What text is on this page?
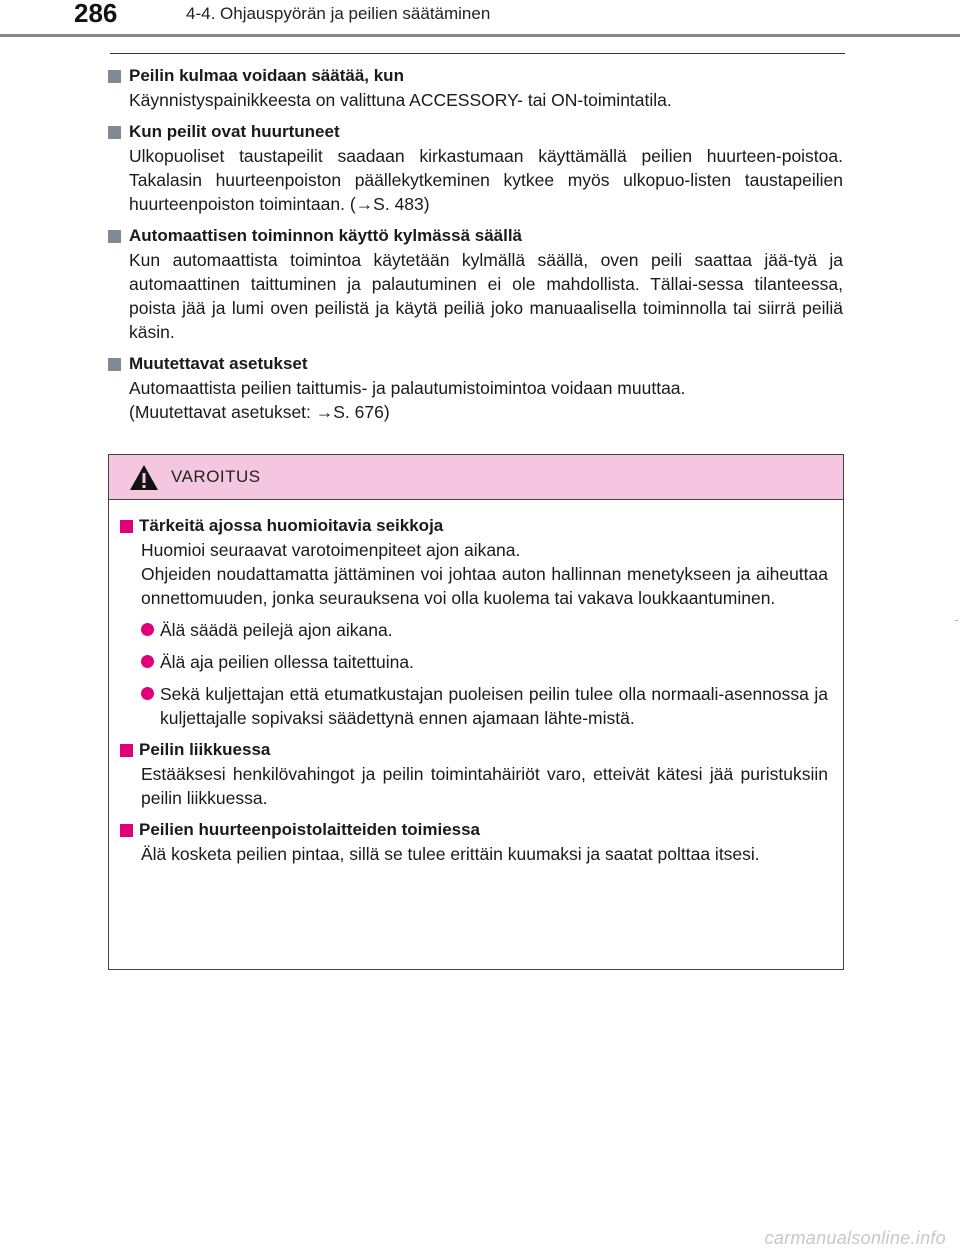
286	4-4. Ohjauspyörän ja peilien säätäminen
Peilin kulmaa voidaan säätää, kun
Käynnistyspainikkeesta on valittuna ACCESSORY- tai ON-toimintatila.
Kun peilit ovat huurtuneet
Ulkopuoliset taustapeilit saadaan kirkastumaan käyttämällä peilien huurteen-poistoa. Takalasin huurteenpoiston päällekytkeminen kytkee myös ulkopuo-listen taustapeilien huurteenpoiston toimintaan. (→S. 483)
Automaattisen toiminnon käyttö kylmässä säällä
Kun automaattista toimintoa käytetään kylmällä säällä, oven peili saattaa jää-tyä ja automaattinen taittuminen ja palautuminen ei ole mahdollista. Tällai-sessa tilanteessa, poista jää ja lumi oven peilistä ja käytä peiliä joko manuaalisella toiminnolla tai siirrä peiliä käsin.
Muutettavat asetukset
Automaattista peilien taittumis- ja palautumistoimintoa voidaan muuttaa.
(Muutettavat asetukset: →S. 676)
VAROITUS
Tärkeitä ajossa huomioitavia seikkoja
Huomioi seuraavat varotoimenpiteet ajon aikana.
Ohjeiden noudattamatta jättäminen voi johtaa auton hallinnan menetykseen ja aiheuttaa onnettomuuden, jonka seurauksena voi olla kuolema tai vakava loukkaantuminen.
Älä säädä peilejä ajon aikana.
Älä aja peilien ollessa taitettuina.
Sekä kuljettajan että etumatkustajan puoleisen peilin tulee olla normaali-asennossa ja kuljettajalle sopivaksi säädettynä ennen ajamaan lähte-mistä.
Peilin liikkuessa
Estääksesi henkilövahingot ja peilin toimintahäiriöt varo, etteivät kätesi jää puristuksiin peilin liikkuessa.
Peilien huurteenpoistolaitteiden toimiessa
Älä kosketa peilien pintaa, sillä se tulee erittäin kuumaksi ja saatat polttaa itsesi.
carmanualsonline.info
